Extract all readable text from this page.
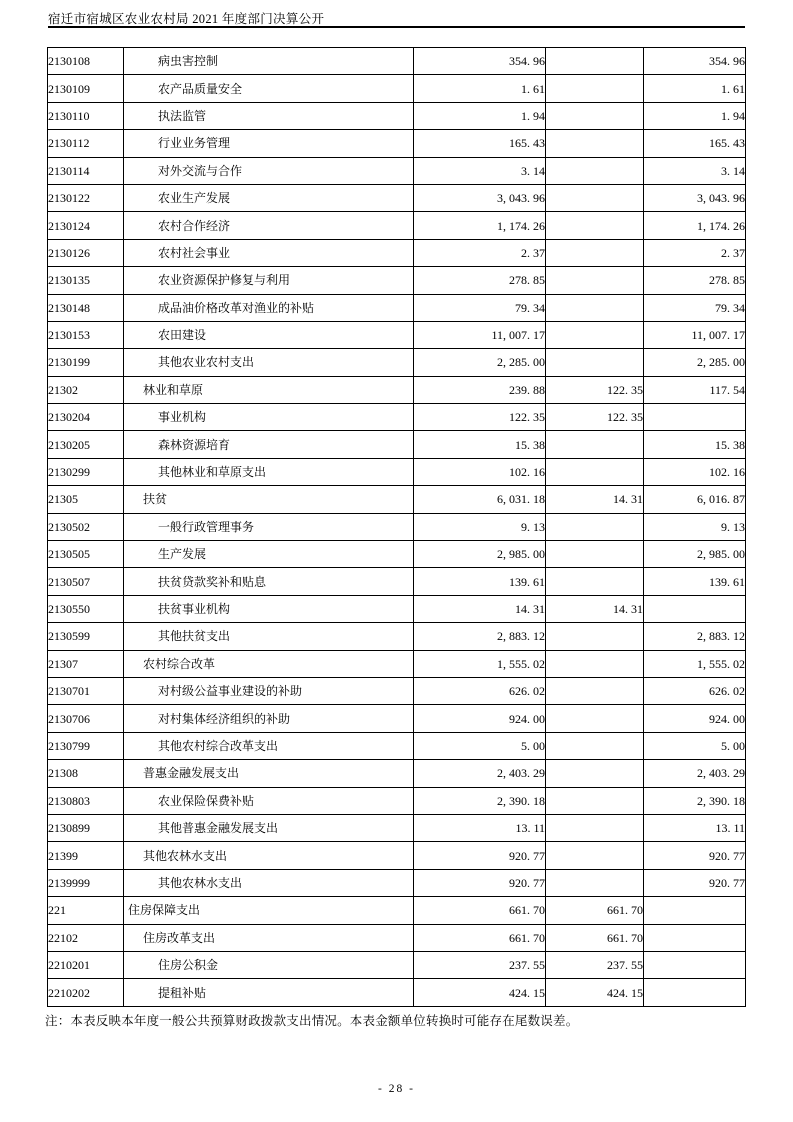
宿迁市宿城区农业农村局 2021 年度部门决算公开
2130108	病虫害控制	354. 96		354. 96
2130109	农产品质量安全	1. 61		1. 61
2130110	执法监管	1. 94		1. 94
2130112	行业业务管理	165. 43		165. 43
2130114	对外交流与合作	3. 14		3. 14
2130122	农业生产发展	3, 043. 96		3, 043. 96
2130124	农村合作经济	1, 174. 26		1, 174. 26
2130126	农村社会事业	2. 37		2. 37
2130135	农业资源保护修复与利用	278. 85		278. 85
2130148	成品油价格改革对渔业的补贴	79. 34		79. 34
2130153	农田建设	11, 007. 17		11, 007. 17
2130199	其他农业农村支出	2, 285. 00		2, 285. 00
21302	林业和草原	239. 88	122. 35	117. 54
2130204	事业机构	122. 35	122. 35	
2130205	森林资源培育	15. 38		15. 38
2130299	其他林业和草原支出	102. 16		102. 16
21305	扶贫	6, 031. 18	14. 31	6, 016. 87
2130502	一般行政管理事务	9. 13		9. 13
2130505	生产发展	2, 985. 00		2, 985. 00
2130507	扶贫贷款奖补和贴息	139. 61		139. 61
2130550	扶贫事业机构	14. 31	14. 31	
2130599	其他扶贫支出	2, 883. 12		2, 883. 12
21307	农村综合改革	1, 555. 02		1, 555. 02
2130701	对村级公益事业建设的补助	626. 02		626. 02
2130706	对村集体经济组织的补助	924. 00		924. 00
2130799	其他农村综合改革支出	5. 00		5. 00
21308	普惠金融发展支出	2, 403. 29		2, 403. 29
2130803	农业保险保费补贴	2, 390. 18		2, 390. 18
2130899	其他普惠金融发展支出	13. 11		13. 11
21399	其他农林水支出	920. 77		920. 77
2139999	其他农林水支出	920. 77		920. 77
221	住房保障支出	661. 70	661. 70	
22102	住房改革支出	661. 70	661. 70	
2210201	住房公积金	237. 55	237. 55	
2210202	提租补贴	424. 15	424. 15	
注：本表反映本年度一般公共预算财政拨款支出情况。本表金额单位转换时可能存在尾数误差。
- 28 -
